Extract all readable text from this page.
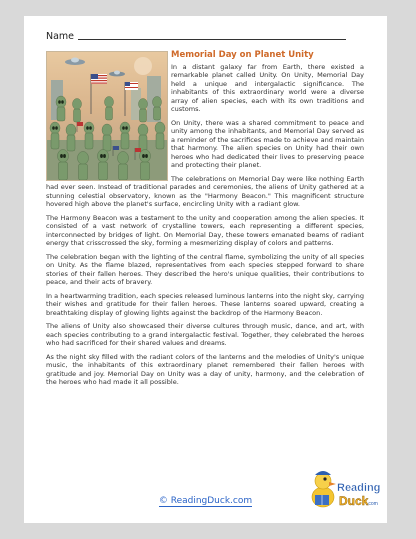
Name
Memorial Day on Planet Unity

In a distant galaxy far from Earth, there existed a remarkable planet called Unity. On Unity, Memorial Day held a unique and intergalactic significance. The inhabitants of this extraordinary world were a diverse array of alien species, each with its own traditions and customs.

On Unity, there was a shared commitment to peace and unity among the inhabitants, and Memorial Day served as a reminder of the sacrifices made to achieve and maintain that harmony. The alien species on Unity had their own heroes who had dedicated their lives to preserving peace and protecting their planet.

The celebrations on Memorial Day were like nothing Earth had ever seen. Instead of traditional parades and ceremonies, the aliens of Unity gathered at a stunning celestial observatory, known as the "Harmony Beacon." This magnificent structure hovered high above the planet's surface, encircling Unity with a radiant glow.

The Harmony Beacon was a testament to the unity and cooperation among the alien species. It consisted of a vast network of crystalline towers, each representing a different species, interconnected by bridges of light. On Memorial Day, these towers emanated beams of radiant energy that crisscrossed the sky, forming a mesmerizing display of colors and patterns.

The celebration began with the lighting of the central flame, symbolizing the unity of all species on Unity. As the flame blazed, representatives from each species stepped forward to share stories of their fallen heroes. They described the hero's unique qualities, their contributions to peace, and their acts of bravery.

In a heartwarming tradition, each species released luminous lanterns into the night sky, carrying their wishes and gratitude for their fallen heroes. These lanterns soared upward, creating a breathtaking display of glowing lights against the backdrop of the Harmony Beacon.

The aliens of Unity also showcased their diverse cultures through music, dance, and art, with each species contributing to a grand intergalactic festival. Together, they celebrated the heroes who had sacrificed for their shared values and dreams.

As the night sky filled with the radiant colors of the lanterns and the melodies of Unity's unique music, the inhabitants of this extraordinary planet remembered their fallen heroes with gratitude and joy. Memorial Day on Unity was a day of unity, harmony, and the celebration of the heroes who had made it all possible.

© ReadingDuck.com
Reading
Duck
.com
